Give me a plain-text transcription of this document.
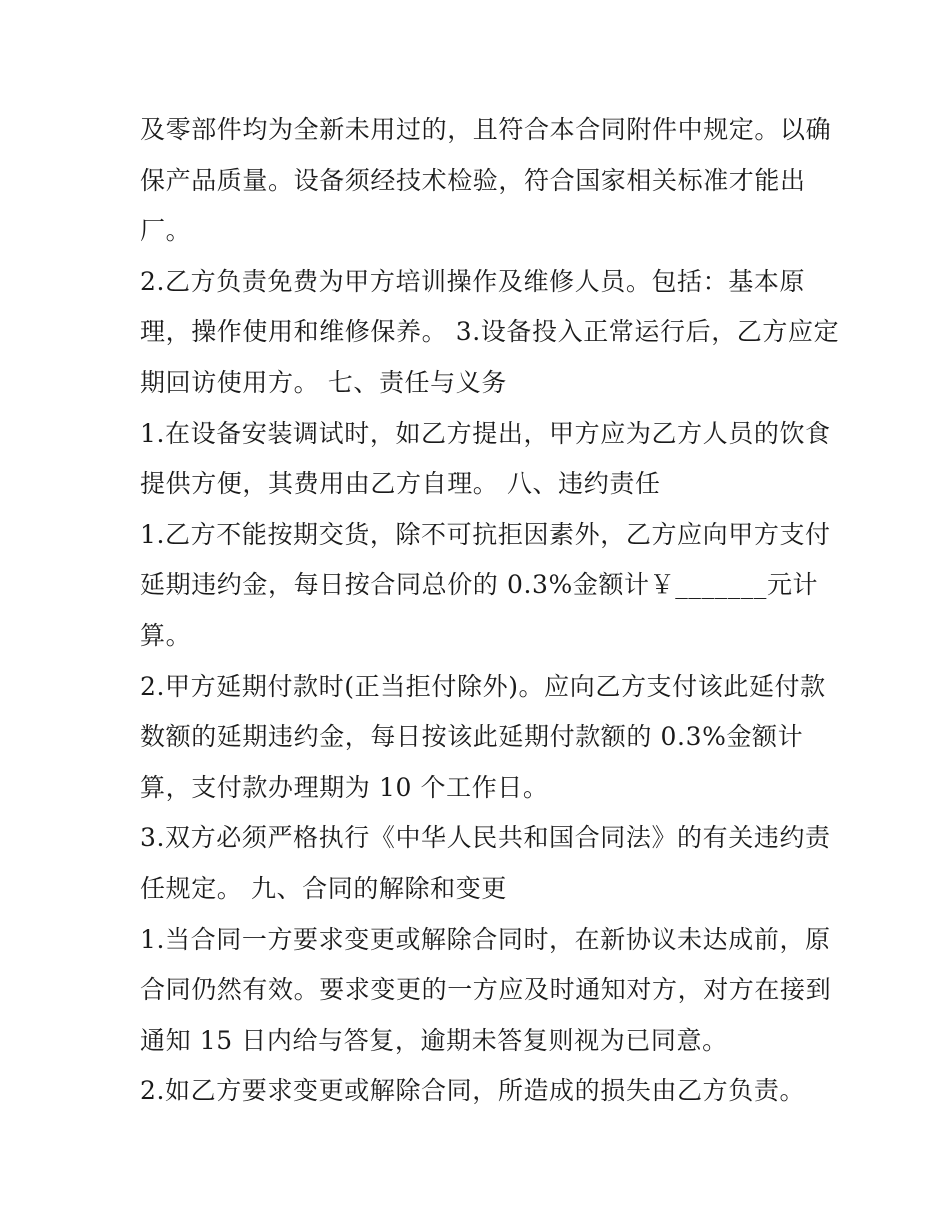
及零部件均为全新未用过的，且符合本合同附件中规定。以确
保产品质量。设备须经技术检验，符合国家相关标准才能出
厂。
2.乙方负责免费为甲方培训操作及维修人员。包括：基本原
理，操作使用和维修保养。 3.设备投入正常运行后，乙方应定
期回访使用方。 七、责任与义务
1.在设备安装调试时，如乙方提出，甲方应为乙方人员的饮食
提供方便，其费用由乙方自理。 八、违约责任
1.乙方不能按期交货，除不可抗拒因素外，乙方应向甲方支付
延期违约金，每日按合同总价的 0.3%金额计￥_______元计
算。
2.甲方延期付款时(正当拒付除外)。应向乙方支付该此延付款
数额的延期违约金，每日按该此延期付款额的 0.3%金额计
算，支付款办理期为 10 个工作日。
3.双方必须严格执行《中华人民共和国合同法》的有关违约责
任规定。 九、合同的解除和变更
1.当合同一方要求变更或解除合同时，在新协议未达成前，原
合同仍然有效。要求变更的一方应及时通知对方，对方在接到
通知 15 日内给与答复，逾期未答复则视为已同意。
2.如乙方要求变更或解除合同，所造成的损失由乙方负责。
